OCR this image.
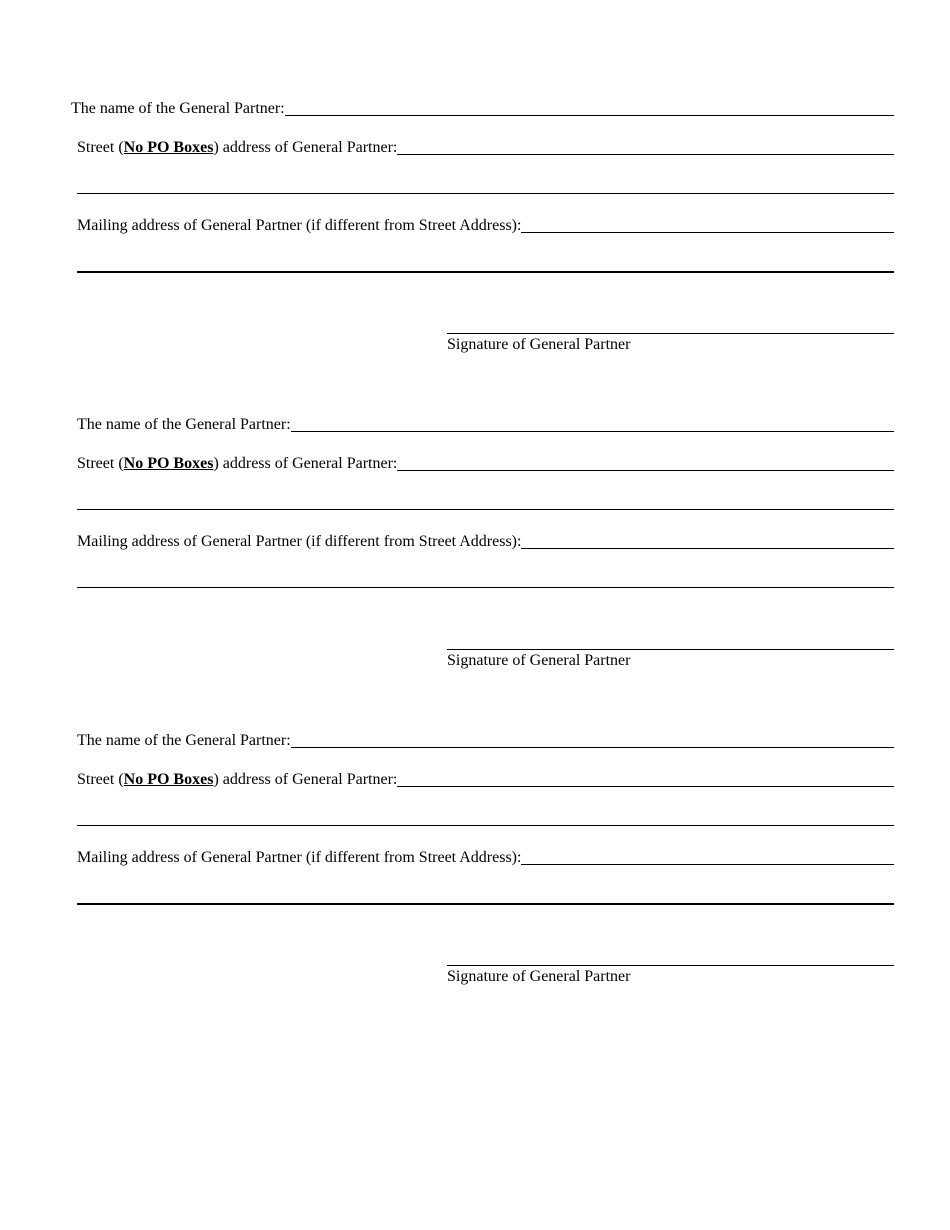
The name of the General Partner:
Street (No PO Boxes) address of General Partner:
Mailing address of General Partner (if different from Street Address):
Signature of General Partner
The name of the General Partner:
Street (No PO Boxes) address of General Partner:
Mailing address of General Partner (if different from Street Address):
Signature of General Partner
The name of the General Partner:
Street (No PO Boxes) address of General Partner:
Mailing address of General Partner (if different from Street Address):
Signature of General Partner
